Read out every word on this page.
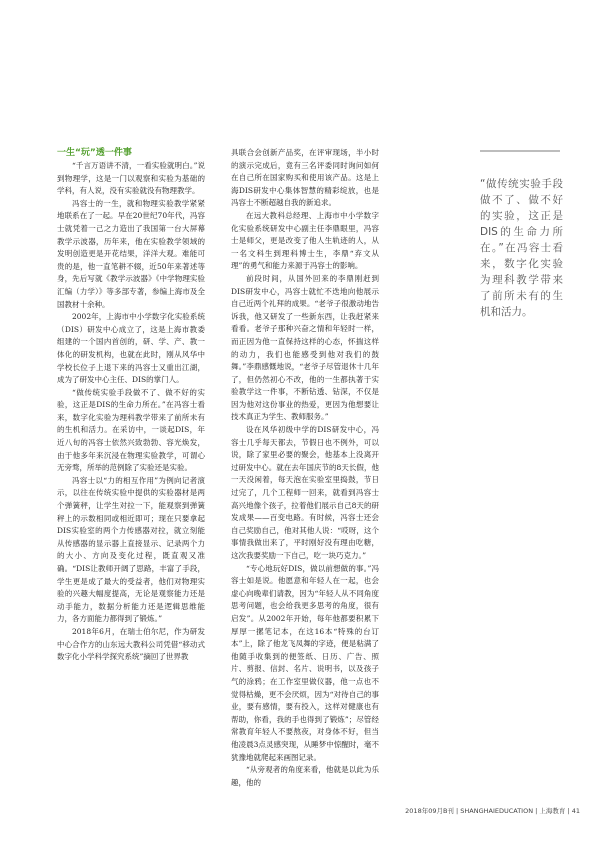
一生“玩”透一件事

“千言万语讲不清，一看实验就明白。”说到物理学，这是一门以观察和实验为基础的学科，有人说，没有实验就没有物理教学。

冯容士的一生，就和物理实验教学紧紧地联系在了一起。早在20世纪70年代，冯容士就凭着一己之力造出了我国第一台大屏幕教学示波器，历年来，他在实验教学领域的发明创造更是开花结果，洋洋大观。难能可贵的是，他一直笔耕不辍，近50年来著述等身，先后写就《教学示波器》《中学物理实验汇编（力学）》等多部专著，参编上海市及全国教材十余种。

2002年，上海市中小学数字化实验系统（DIS）研发中心成立了，这是上海市教委组建的一个国内首创的，研、学、产、教一体化的研发机构，也就在此时，刚从风华中学校长位子上退下来的冯容士又重出江湖，成为了研发中心主任、DIS的掌门人。

“做传统实验手段做不了、做不好的实验，这正是DIS的生命力所在。”在冯容士看来，数字化实验为理科教学带来了前所未有的生机和活力。在采访中，一谈起DIS，年近八旬的冯容士依然兴致勃勃、容光焕发，由于他多年来沉浸在物理实验教学，可谓心无旁骛，所举的范例除了实验还是实验。

冯容士以“力的相互作用”为例向记者演示，以往在传统实验中提供的实验器材是两个弹簧秤，让学生对拉一下，能观察到弹簧秤上的示数相同或相近即可；现在只要拿起DIS实验室的两个力传感器对拉，就立刻能从传感器的显示器上直接显示、记录两个力的大小、方向及变化过程，既直观又准确。“DIS让教师开阔了思路，丰富了手段，学生更是成了最大的受益者，他们对物理实验的兴趣大幅度提高，无论是观察能力还是动手能力，数据分析能力还是逻辑思维能力，各方面能力都得到了锻炼。”

2018年6月，在瑞士伯尔尼，作为研发中心合作方的山东远大教科公司凭借“移动式数字化小学科学探究系统”摘回了世界教

具联合会创新产品奖，在评审现场，半小时的演示完成后，竟有三名评委同时询问如何在自己所在国家购买和使用该产品。这是上海DIS研发中心集体智慧的精彩绽放，也是冯容士不断超越自我的新追求。

在远大教科总经理、上海市中小学数字化实验系统研发中心副主任李鼎眼里，冯容士是师父，更是改变了他人生轨迹的人，从一名文科生到理科博士生，李鼎“弃文从理”的勇气和能力来源于冯容士的影响。

前段时间，从国外回来的李鼎刚赶到DIS研发中心，冯容士就忙不迭地向他展示自己近两个礼拜的成果。“老爷子很激动地告诉我，他又研发了一些新东西，让我赶紧来看看。老爷子那种兴奋之情和年轻时一样，而正因为他一直保持这样的心态，怀揣这样的动力，我们也能感受到他对我们的鼓舞。”李鼎感慨地说，“老爷子尽管退休十几年了，但仍然初心不改，他的一生都执著于实验教学这一件事，不断钻透、钻深，不仅是因为他对这份事业的热爱，更因为他想要让技术真正为学生、教师服务。”

设在风华初级中学的DIS研发中心，冯容士几乎每天都去，节假日也不例外，可以说，除了家里必要的聚会，他基本上没离开过研发中心。就在去年国庆节的8天长假，他一天没闲着，每天泡在实验室里捣鼓，节日过完了，几个工程师一回来，就看到冯容士高兴地像个孩子，拉着他们展示自己8天的研发成果——百变电路。有时候，冯容士还会自己奖励自己，他对其他人说：“哎呀，这个事情我做出来了，平时刚好没有理由吃糖，这次我要奖励一下自己，吃一块巧克力。”

“专心地玩好DIS，做以前想做的事。”冯容士如是说。他愿意和年轻人在一起，也会虚心向晚辈们请教，因为“年轻人从不同角度思考问题，也会给我更多思考的角度，很有启发”。从2002年开始，每年他都要积累下厚厚一摞笔记本，在这16本“特殊的台订本”上，除了他龙飞凤舞的字迹，便是粘满了他随手收集到的便签纸、日历、广告、照片、剪报、信封、名片、说明书，以及孩子气的涂鸦；在工作室里做仪器，他一点也不觉得枯燥，更不会厌烦，因为“对待自己的事业，要有感情，要有投入，这样对健康也有帮助，你看，我的手也得到了锻炼”；尽管经常教育年轻人不要熬夜，对身体不好，但当他凌晨3点灵感突现，从睡梦中惊醒时，毫不犹豫地就爬起来画图记录。

“从旁观者的角度来看，他就是以此为乐趣，他的

“做传统实验手段做不了、做不好的实验，这正是DIS的生命力所在。”在冯容士看来，数字化实验为理科教学带来了前所未有的生机和活力。
2018年09月B刊 | SHANGHAIEDUCATION | 上海教育 | 41
